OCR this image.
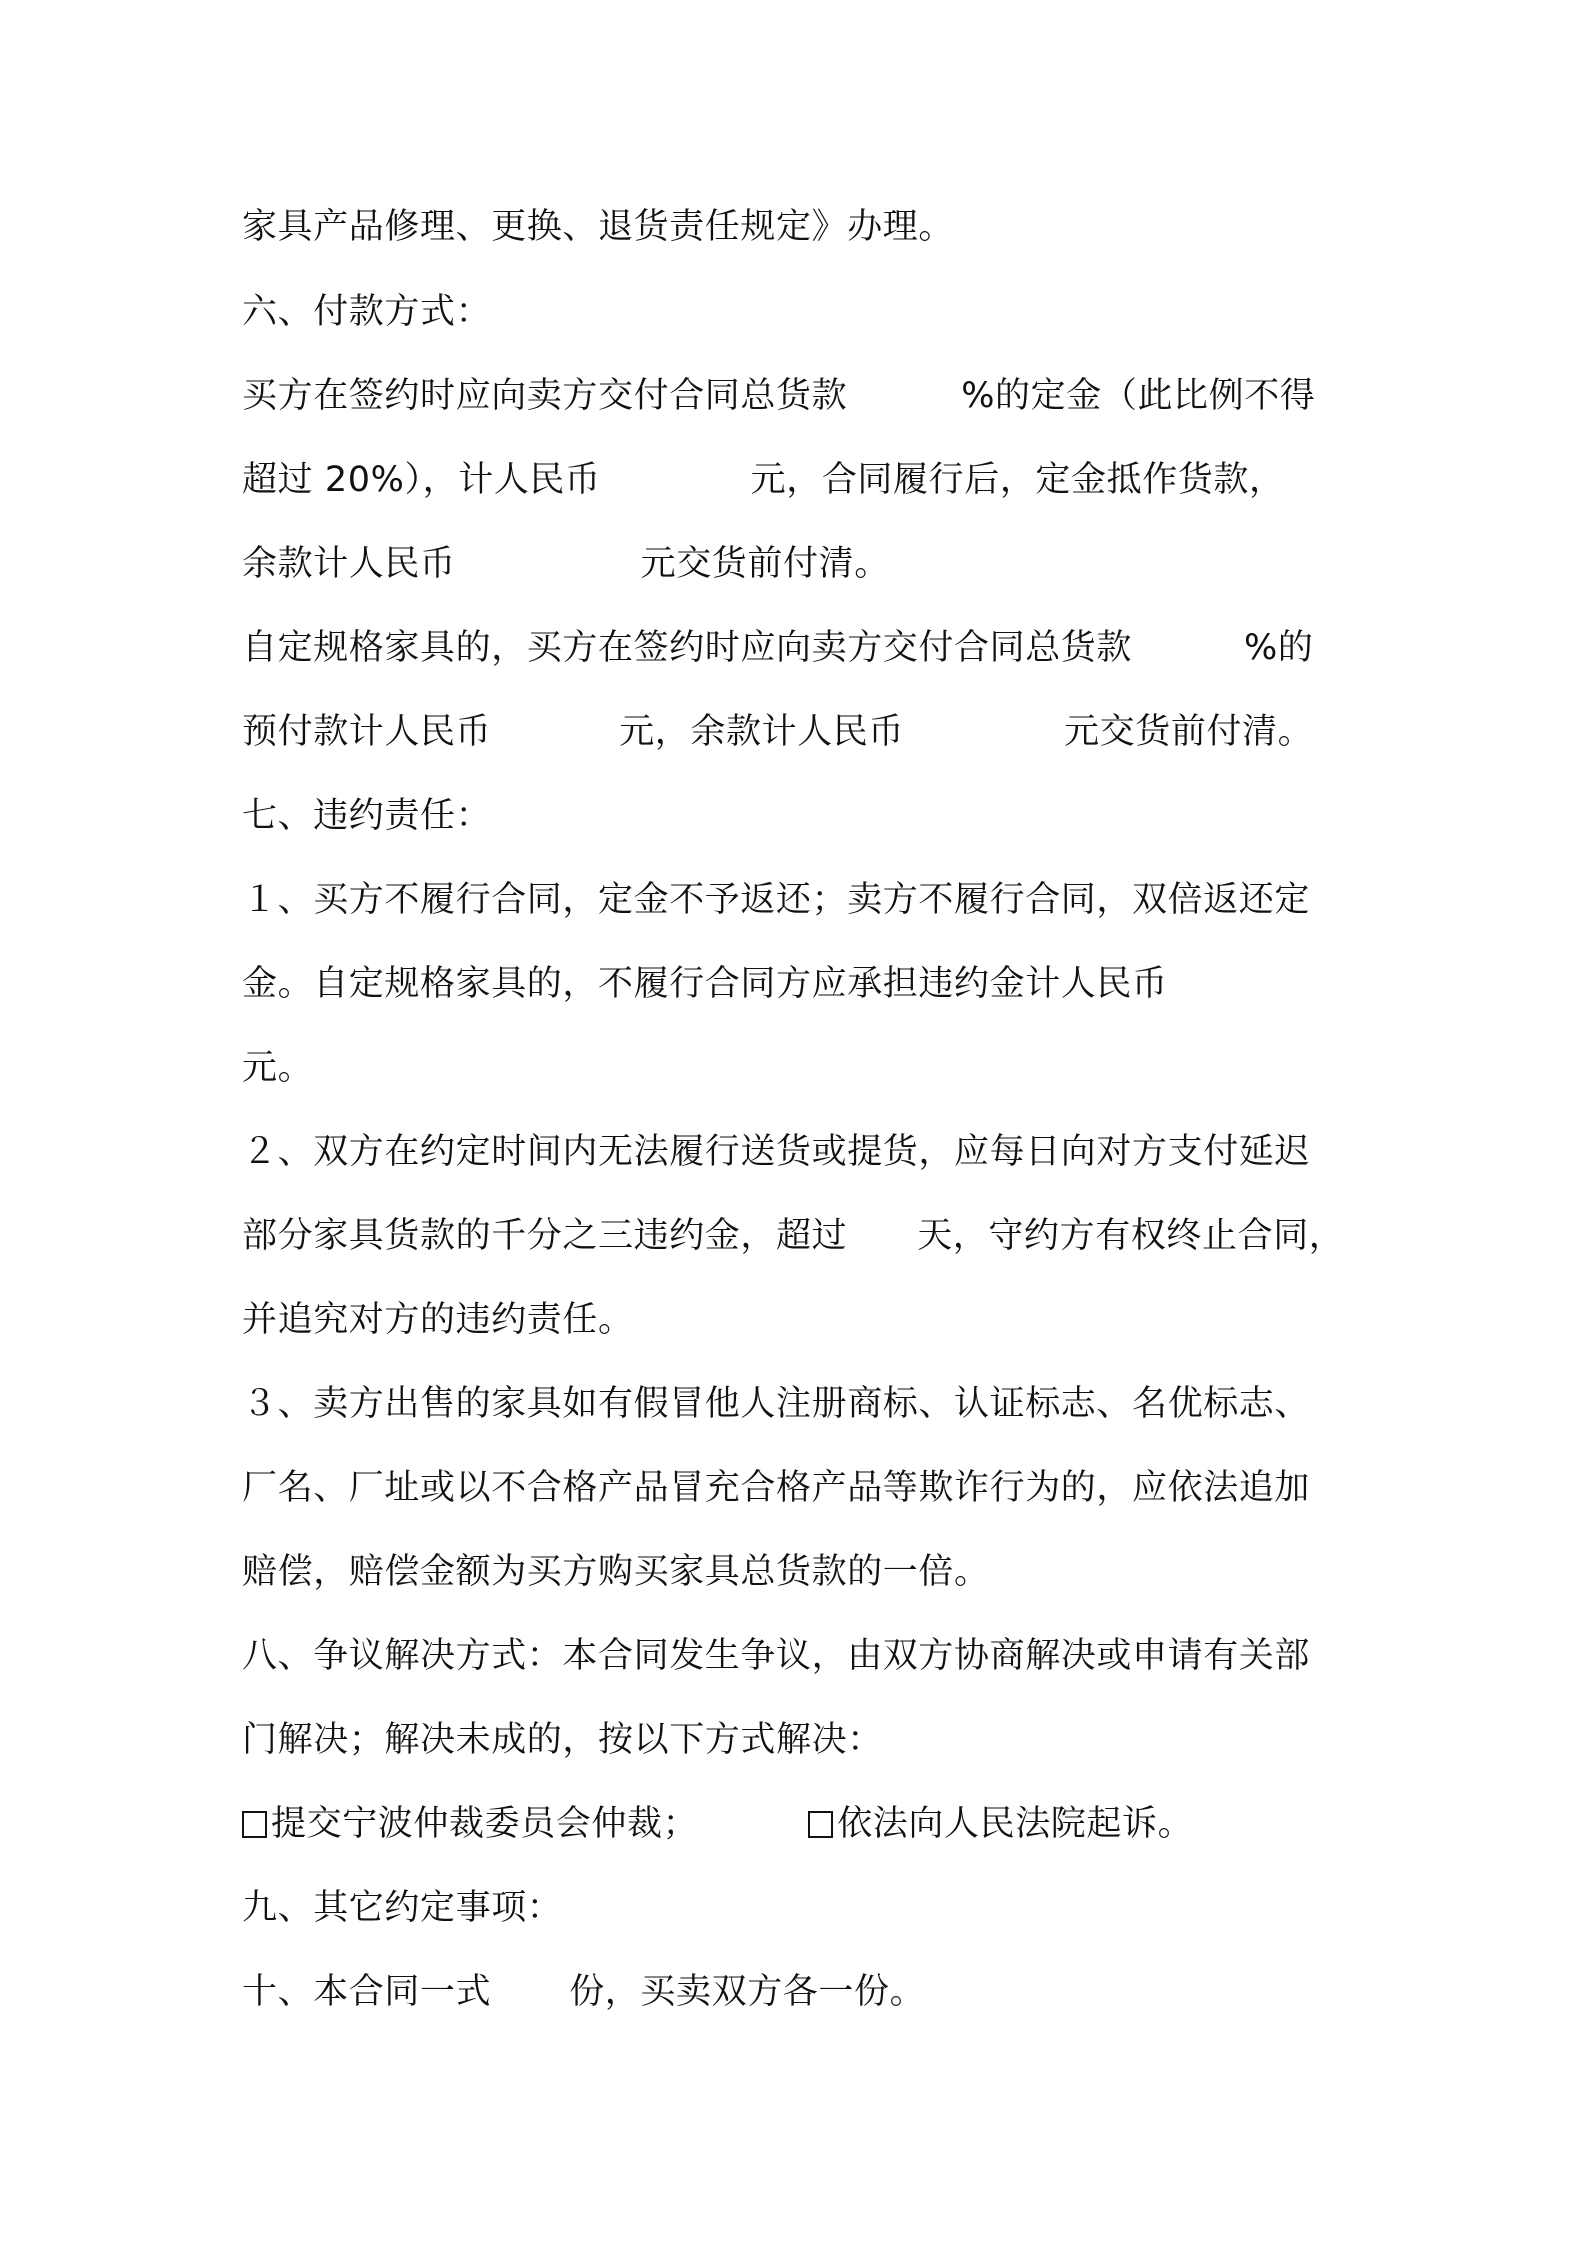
家具产品修理、更换、退货责任规定》办理。
六、付款方式：
买方在签约时应向卖方交付合同总货款	%的定金（此比例不得
超过 20%），计人民币	元，合同履行后，定金抵作货款，
余款计人民币	元交货前付清。
自定规格家具的，买方在签约时应向卖方交付合同总货款	%的
预付款计人民币	元，余款计人民币	元交货前付清。
七、违约责任：
１、买方不履行合同，定金不予返还；卖方不履行合同，双倍返还定
金。自定规格家具的，不履行合同方应承担违约金计人民币
元。
２、双方在约定时间内无法履行送货或提货，应每日向对方支付延迟
部分家具货款的千分之三违约金，超过 天，守约方有权终止合同，
并追究对方的违约责任。
３、卖方出售的家具如有假冒他人注册商标、认证标志、名优标志、
厂名、厂址或以不合格产品冒充合格产品等欺诈行为的，应依法追加
赔偿，赔偿金额为买方购买家具总货款的一倍。
八、争议解决方式：本合同发生争议，由双方协商解决或申请有关部
门解决；解决未成的，按以下方式解决：
提交宁波仲裁委员会仲裁；	依法向人民法院起诉。
九、其它约定事项：
十、本合同一式 份，买卖双方各一份。
